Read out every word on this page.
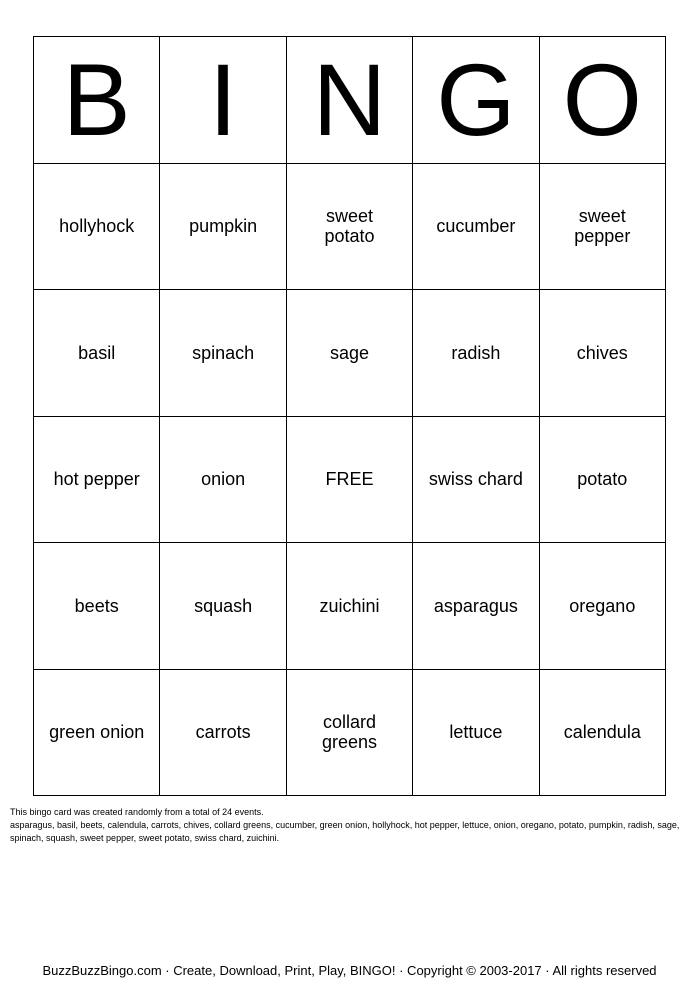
B I N G O
hollyhock	pumpkin	sweet potato	cucumber	sweet pepper
basil	spinach	sage	radish	chives
hot pepper	onion	FREE	swiss chard	potato
beets	squash	zuichini	asparagus	oregano
green onion	carrots	collard greens	lettuce	calendula

This bingo card was created randomly from a total of 24 events.

asparagus, basil, beets, calendula, carrots, chives, collard greens, cucumber, green onion, hollyhock, hot pepper, lettuce, onion, oregano, potato, pumpkin, radish, sage, spinach, squash, sweet pepper, sweet potato, swiss chard, zuichini.

BuzzBuzzBingo.com · Create, Download, Print, Play, BINGO! · Copyright © 2003-2017 · All rights reserved
